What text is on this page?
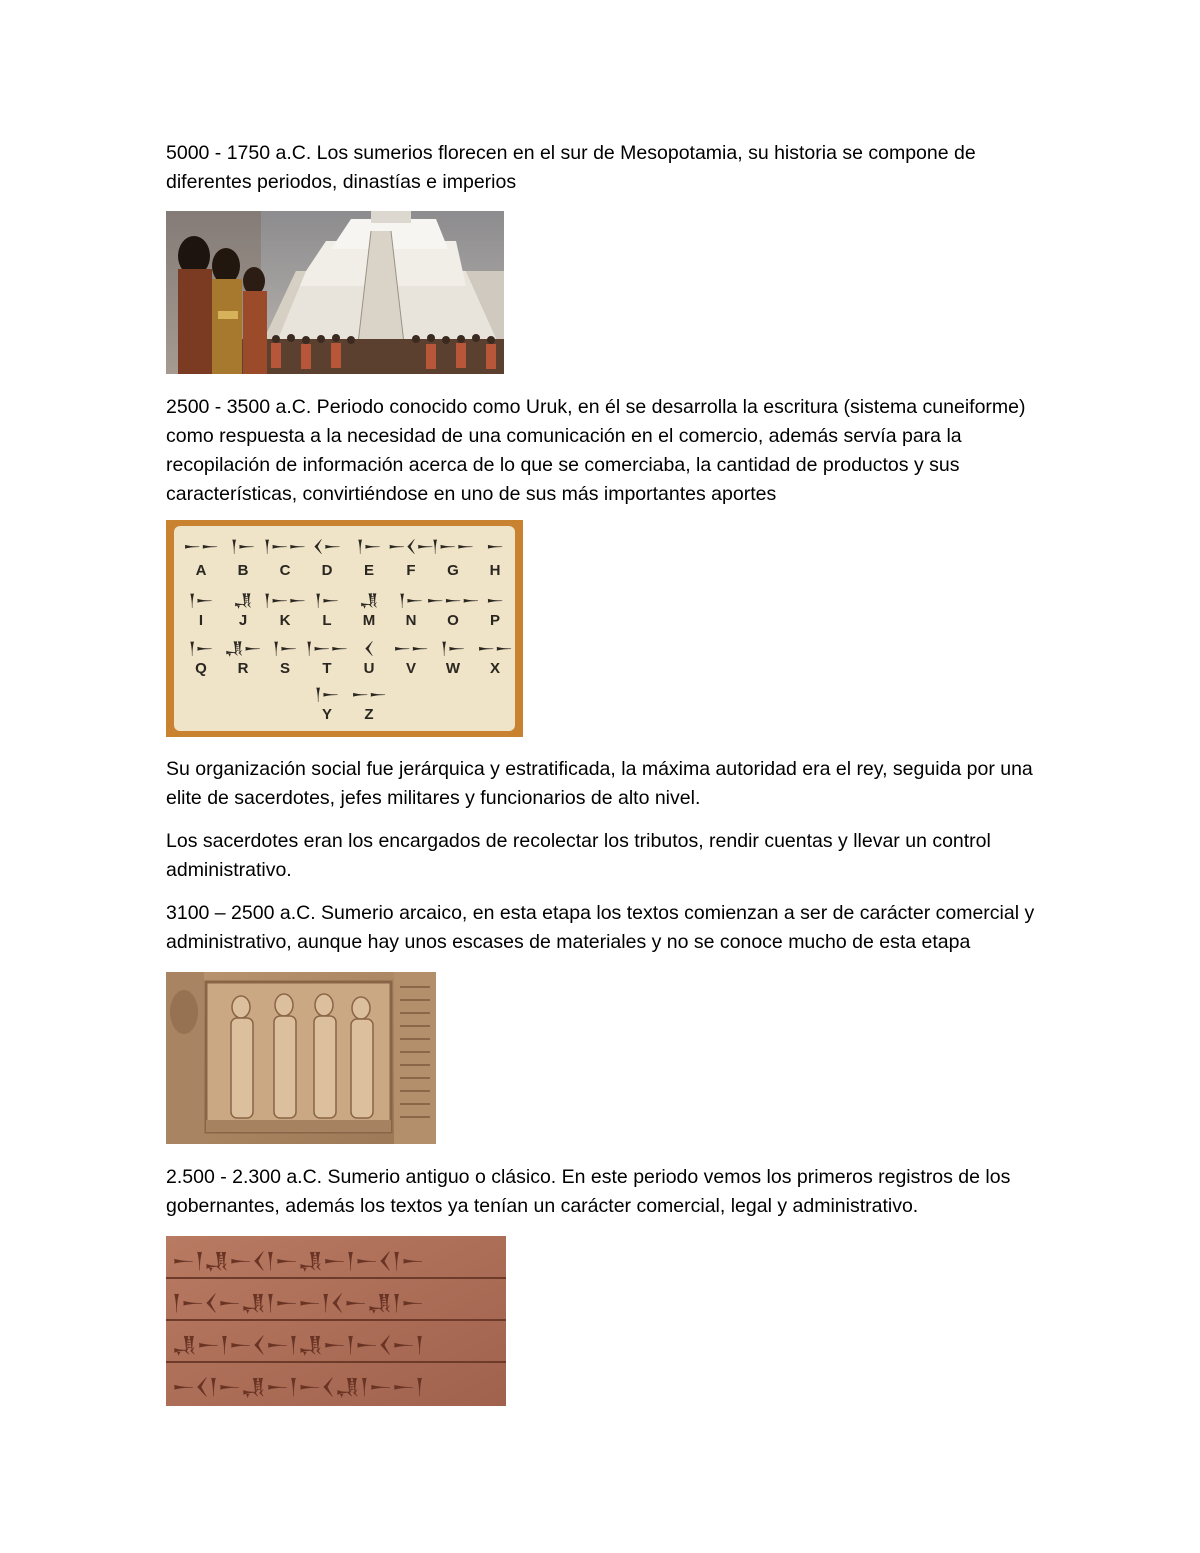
5000 - 1750 a.C. Los sumerios florecen en el sur de Mesopotamia, su historia se compone de diferentes periodos, dinastías e imperios

2500 - 3500 a.C. Periodo conocido como Uruk, en él se desarrolla la escritura (sistema cuneiforme) como respuesta a la necesidad de una comunicación en el comercio, además servía para la recopilación de información acerca de lo que se comerciaba, la cantidad de productos y sus características, convirtiéndose en uno de sus más importantes aportes

𒀸𒀸 𒁹𒀸 𒁹𒀸𒀸 𒌋𒀸 𒁹𒀸 𒀸𒌋𒀸
𒁹𒀸𒀸 𒀸
A B C D E F G H
𒁹𒀸 𒂗 𒁹𒀸𒀸 𒁹𒀸 𒂗 𒁹𒀸 𒀸𒀸𒀸 𒀸
I J K L M N O P
𒁹𒀸 𒂗𒀸 𒁹𒀸 𒁹𒀸𒀸 𒌋 𒀸𒀸 𒁹𒀸 𒀸𒀸
Q R S T U V W X
𒁹𒀸 𒀸𒀸
Y Z

Su organización social fue jerárquica y estratificada, la máxima autoridad era el rey, seguida por una elite de sacerdotes, jefes militares y funcionarios de alto nivel.

Los sacerdotes eran los encargados de recolectar los tributos, rendir cuentas y llevar un control administrativo.

3100 – 2500 a.C. Sumerio arcaico, en esta etapa los textos comienzan a ser de carácter comercial y administrativo, aunque hay unos escases de materiales y no se conoce mucho de esta etapa

2.500 - 2.300 a.C. Sumerio antiguo o clásico. En este periodo vemos los primeros registros de los gobernantes, además los textos ya tenían un carácter comercial, legal y administrativo.

𒀸𒁹𒂗𒀸𒌋𒁹𒀸𒂗𒀸𒁹𒀸𒌋𒁹𒀸
𒁹𒀸𒌋𒀸𒂗𒁹𒀸𒀸𒁹𒌋𒀸𒂗𒁹𒀸
𒂗𒀸𒁹𒀸𒌋𒀸𒁹𒂗𒀸𒁹𒀸𒌋𒀸𒁹
𒀸𒌋𒁹𒀸𒂗𒀸𒁹𒀸𒌋𒂗𒁹𒀸𒀸𒁹
